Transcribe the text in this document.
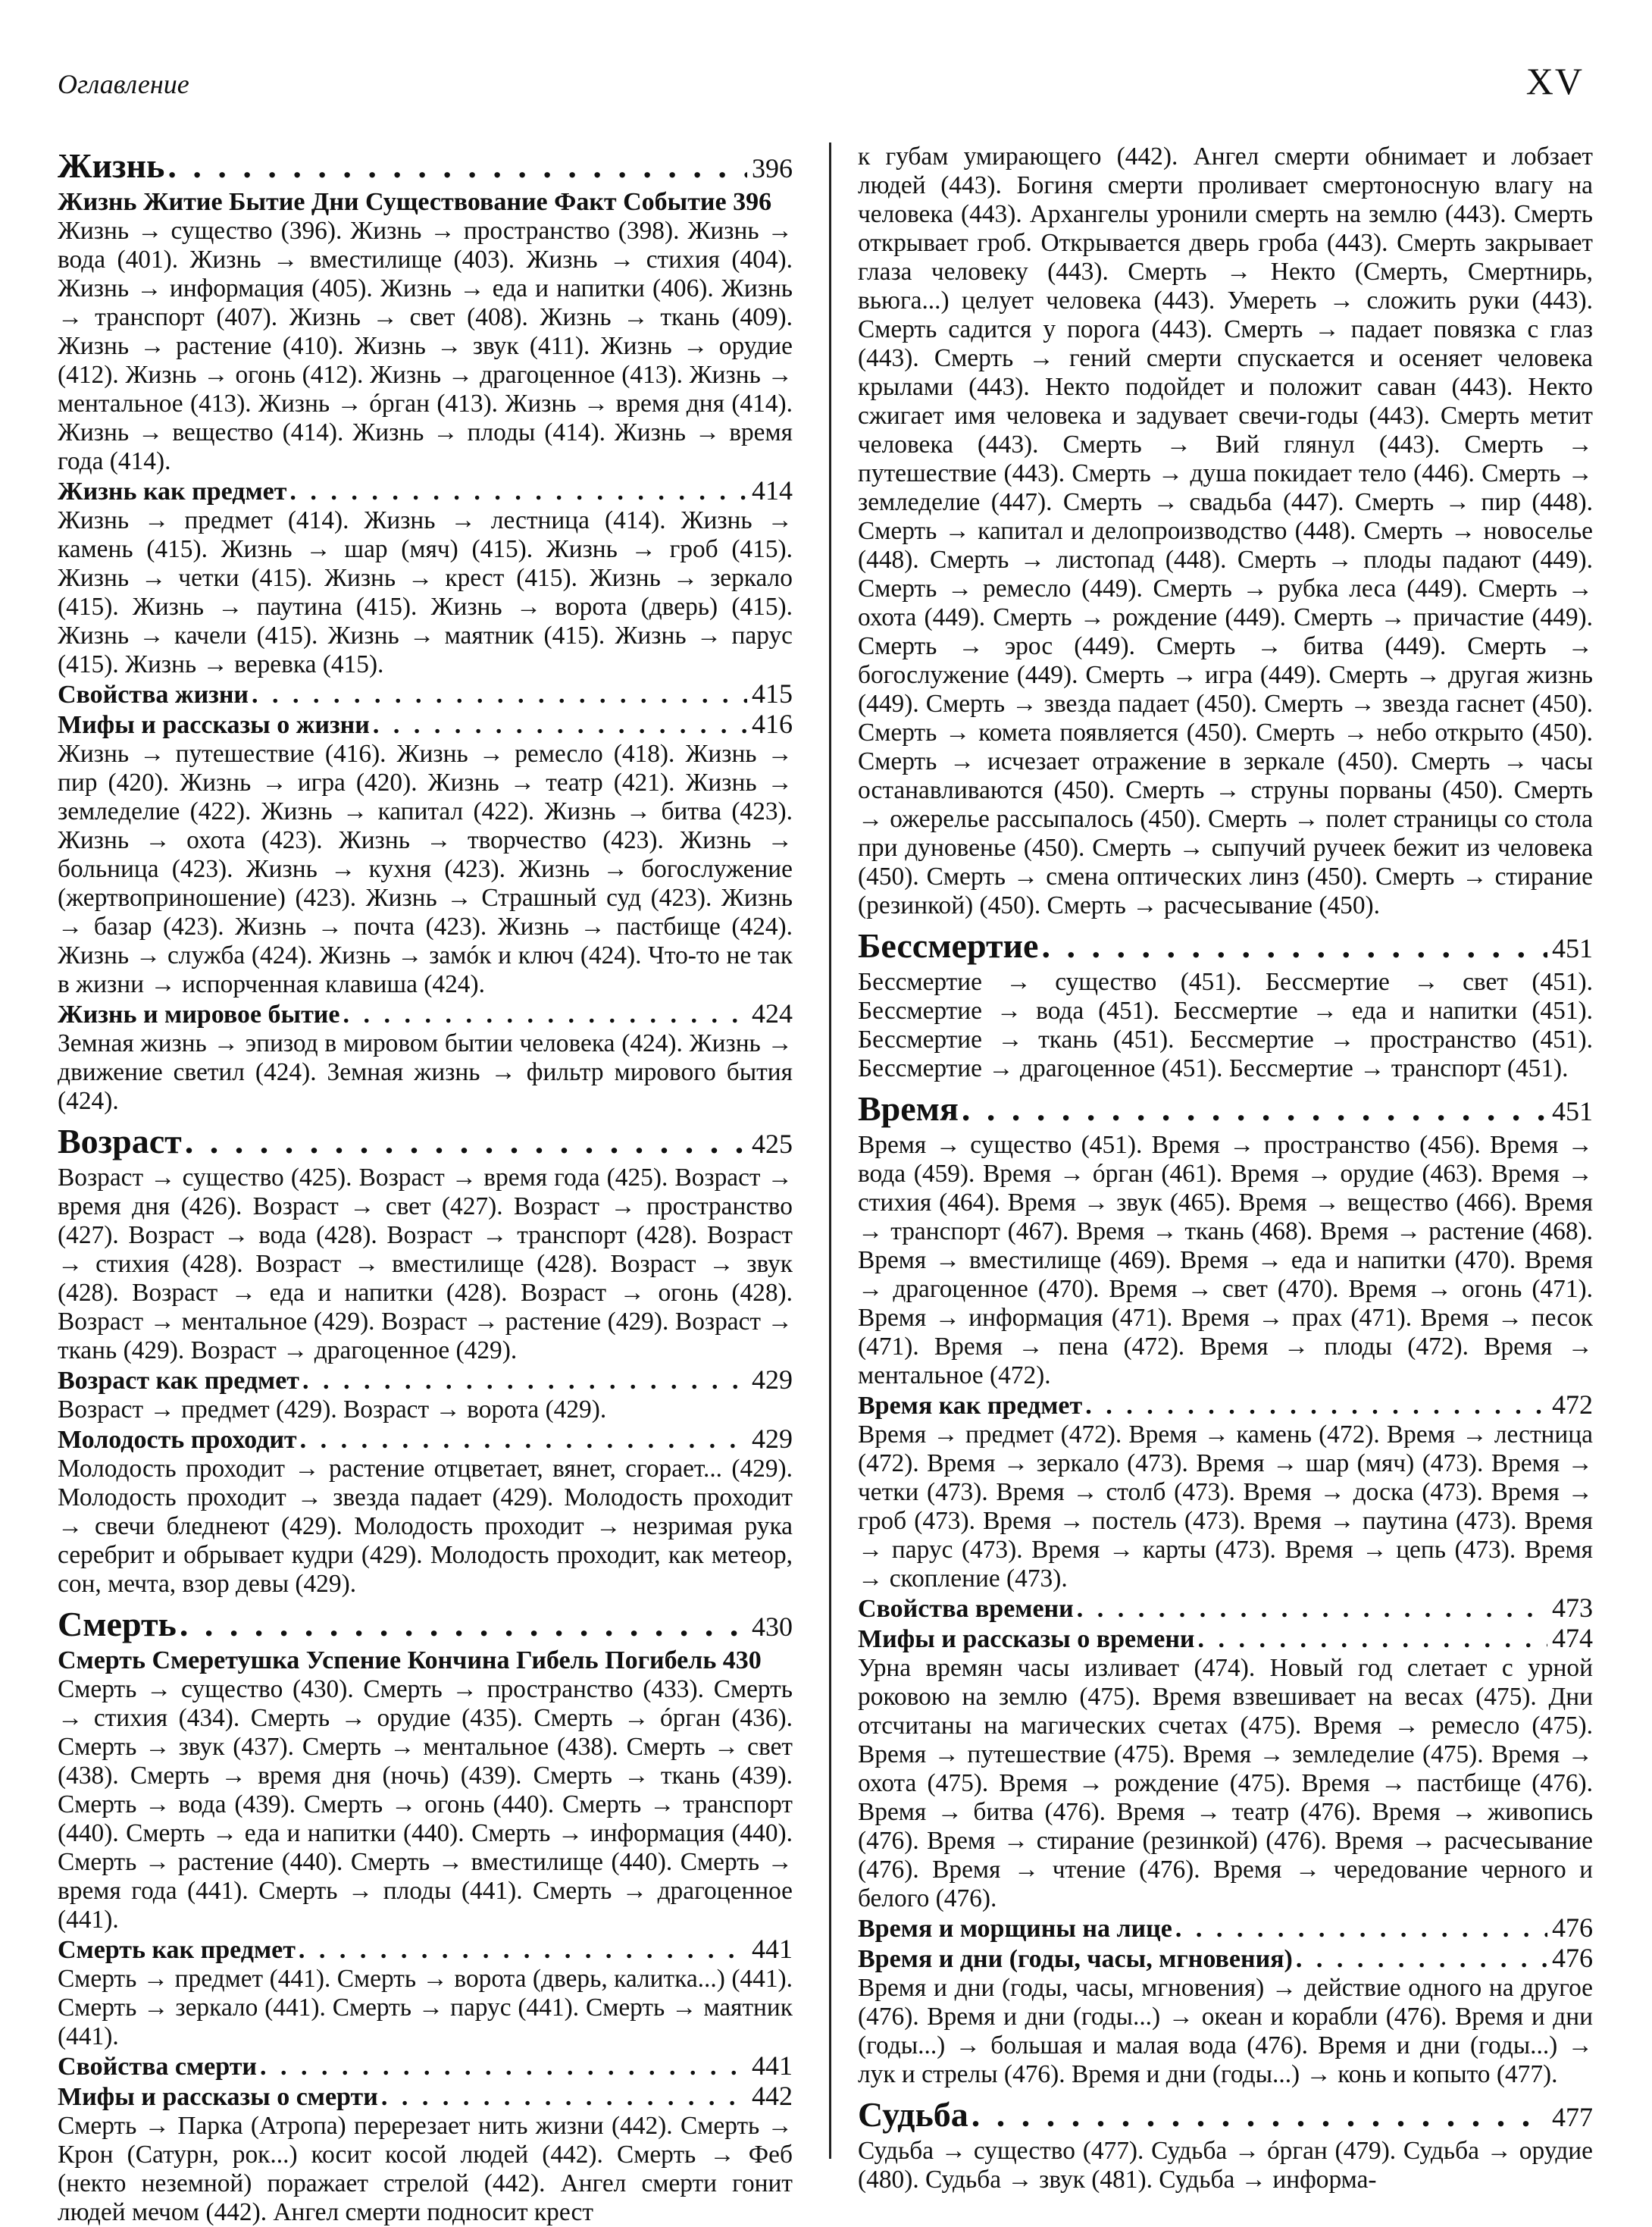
Оглавление	XV
Жизнь . . .	396
Жизнь Житие Бытие Дни Существование Факт Событие 396
Жизнь → существо (396). Жизнь → пространство (398). Жизнь → вода (401). Жизнь → вместилище (403). Жизнь → стихия (404). Жизнь → информация (405). Жизнь → еда и напитки (406). Жизнь → транспорт (407). Жизнь → свет (408). Жизнь → ткань (409). Жизнь → растение (410). Жизнь → звук (411). Жизнь → орудие (412). Жизнь → огонь (412). Жизнь → драгоценное (413). Жизнь → ментальное (413). Жизнь → óрган (413). Жизнь → время дня (414). Жизнь → вещество (414). Жизнь → плоды (414). Жизнь → время года (414).
Жизнь как предмет . . .	414
Жизнь → предмет (414). Жизнь → лестница (414). Жизнь → камень (415). Жизнь → шар (мяч) (415). Жизнь → гроб (415). Жизнь → четки (415). Жизнь → крест (415). Жизнь → зеркало (415). Жизнь → паутина (415). Жизнь → ворота (дверь) (415). Жизнь → качели (415). Жизнь → маятник (415). Жизнь → парус (415). Жизнь → веревка (415).
Свойства жизни . . .	415
Мифы и рассказы о жизни . . .	416
Жизнь → путешествие (416). Жизнь → ремесло (418). Жизнь → пир (420). Жизнь → игра (420). Жизнь → театр (421). Жизнь → земледелие (422). Жизнь → капитал (422). Жизнь → битва (423). Жизнь → охота (423). Жизнь → творчество (423). Жизнь → больница (423). Жизнь → кухня (423). Жизнь → богослужение (жертвоприношение) (423). Жизнь → Страшный суд (423). Жизнь → базар (423). Жизнь → почта (423). Жизнь → пастбище (424). Жизнь → служба (424). Жизнь → замóк и ключ (424). Что-то не так в жизни → испорченная клавиша (424).
Жизнь и мировое бытие . . .	424
Земная жизнь → эпизод в мировом бытии человека (424). Жизнь → движение светил (424). Земная жизнь → фильтр мирового бытия (424).
Возраст . . .	425
Возраст → существо (425). Возраст → время года (425). Возраст → время дня (426). Возраст → свет (427). Возраст → пространство (427). Возраст → вода (428). Возраст → транспорт (428). Возраст → стихия (428). Возраст → вместилище (428). Возраст → звук (428). Возраст → еда и напитки (428). Возраст → огонь (428). Возраст → ментальное (429). Возраст → растение (429). Возраст → ткань (429). Возраст → драгоценное (429).
Возраст как предмет . . .	429
Возраст → предмет (429). Возраст → ворота (429).
Молодость проходит . . .	429
Молодость проходит → растение отцветает, вянет, сгорает... (429). Молодость проходит → звезда падает (429). Молодость проходит → свечи бледнеют (429). Молодость проходит → незримая рука серебрит и обрывает кудри (429). Молодость проходит, как метеор, сон, мечта, взор девы (429).
Смерть . . .	430
Смерть Смеретушка Успение Кончина Гибель Погибель 430
Смерть → существо (430). Смерть → пространство (433). Смерть → стихия (434). Смерть → орудие (435). Смерть → óрган (436). Смерть → звук (437). Смерть → ментальное (438). Смерть → свет (438). Смерть → время дня (ночь) (439). Смерть → ткань (439). Смерть → вода (439). Смерть → огонь (440). Смерть → транспорт (440). Смерть → еда и напитки (440). Смерть → информация (440). Смерть → растение (440). Смерть → вместилище (440). Смерть → время года (441). Смерть → плоды (441). Смерть → драгоценное (441).
Смерть как предмет . . .	441
Смерть → предмет (441). Смерть → ворота (дверь, калитка...) (441). Смерть → зеркало (441). Смерть → парус (441). Смерть → маятник (441).
Свойства смерти . . .	441
Мифы и рассказы о смерти . . .	442
Смерть → Парка (Атропа) перерезает нить жизни (442). Смерть → Крон (Сатурн, рок...) косит косой людей (442). Смерть → Феб (некто неземной) поражает стрелой (442). Ангел смерти гонит людей мечом (442). Ангел смерти подносит крест
к губам умирающего (442). Ангел смерти обнимает и лобзает людей (443). Богиня смерти проливает смертоносную влагу на человека (443). Архангелы уронили смерть на землю (443). Смерть открывает гроб. Открывается дверь гроба (443). Смерть закрывает глаза человеку (443). Смерть → Некто (Смерть, Смертнирь, вьюга...) целует человека (443). Умереть → сложить руки (443). Смерть садится у порога (443). Смерть → падает повязка с глаз (443). Смерть → гений смерти спускается и осеняет человека крылами (443). Некто подойдет и положит саван (443). Некто сжигает имя человека и задувает свечи-годы (443). Смерть метит человека (443). Смерть → Вий глянул (443). Смерть → путешествие (443). Смерть → душа покидает тело (446). Смерть → земледелие (447). Смерть → свадьба (447). Смерть → пир (448). Смерть → капитал и делопроизводство (448). Смерть → новоселье (448). Смерть → листопад (448). Смерть → плоды падают (449). Смерть → ремесло (449). Смерть → рубка леса (449). Смерть → охота (449). Смерть → рождение (449). Смерть → причастие (449). Смерть → эрос (449). Смерть → битва (449). Смерть → богослужение (449). Смерть → игра (449). Смерть → другая жизнь (449). Смерть → звезда падает (450). Смерть → звезда гаснет (450). Смерть → комета появляется (450). Смерть → небо открыто (450). Смерть → исчезает отражение в зеркале (450). Смерть → часы останавливаются (450). Смерть → струны порваны (450). Смерть → ожерелье рассыпалось (450). Смерть → полет страницы со стола при дуновенье (450). Смерть → сыпучий ручеек бежит из человека (450). Смерть → смена оптических линз (450). Смерть → стирание (резинкой) (450). Смерть → расчесывание (450).
Бессмертие . . .	451
Бессмертие → существо (451). Бессмертие → свет (451). Бессмертие → вода (451). Бессмертие → еда и напитки (451). Бессмертие → ткань (451). Бессмертие → пространство (451). Бессмертие → драгоценное (451). Бессмертие → транспорт (451).
Время . . .	451
Время → существо (451). Время → пространство (456). Время → вода (459). Время → óрган (461). Время → орудие (463). Время → стихия (464). Время → звук (465). Время → вещество (466). Время → транспорт (467). Время → ткань (468). Время → растение (468). Время → вместилище (469). Время → еда и напитки (470). Время → драгоценное (470). Время → свет (470). Время → огонь (471). Время → информация (471). Время → прах (471). Время → песок (471). Время → пена (472). Время → плоды (472). Время → ментальное (472).
Время как предмет . . .	472
Время → предмет (472). Время → камень (472). Время → лестница (472). Время → зеркало (473). Время → шар (мяч) (473). Время → четки (473). Время → столб (473). Время → доска (473). Время → гроб (473). Время → постель (473). Время → паутина (473). Время → парус (473). Время → карты (473). Время → цепь (473). Время → скопление (473).
Свойства времени . . .	473
Мифы и рассказы о времени . . .	474
Урна времян часы изливает (474). Новый год слетает с урной роковою на землю (475). Время взвешивает на весах (475). Дни отсчитаны на магических счетах (475). Время → ремесло (475). Время → путешествие (475). Время → земледелие (475). Время → охота (475). Время → рождение (475). Время → пастбище (476). Время → битва (476). Время → театр (476). Время → живопись (476). Время → стирание (резинкой) (476). Время → расчесывание (476). Время → чтение (476). Время → чередование черного и белого (476).
Время и морщины на лице . . .	476
Время и дни (годы, часы, мгновения) . . .	476
Время и дни (годы, часы, мгновения) → действие одного на другое (476). Время и дни (годы...) → океан и корабли (476). Время и дни (годы...) → большая и малая вода (476). Время и дни (годы...) → лук и стрелы (476). Время и дни (годы...) → конь и копыто (477).
Судьба . . .	477
Судьба → существо (477). Судьба → óрган (479). Судьба → орудие (480). Судьба → звук (481). Судьба → информа-
